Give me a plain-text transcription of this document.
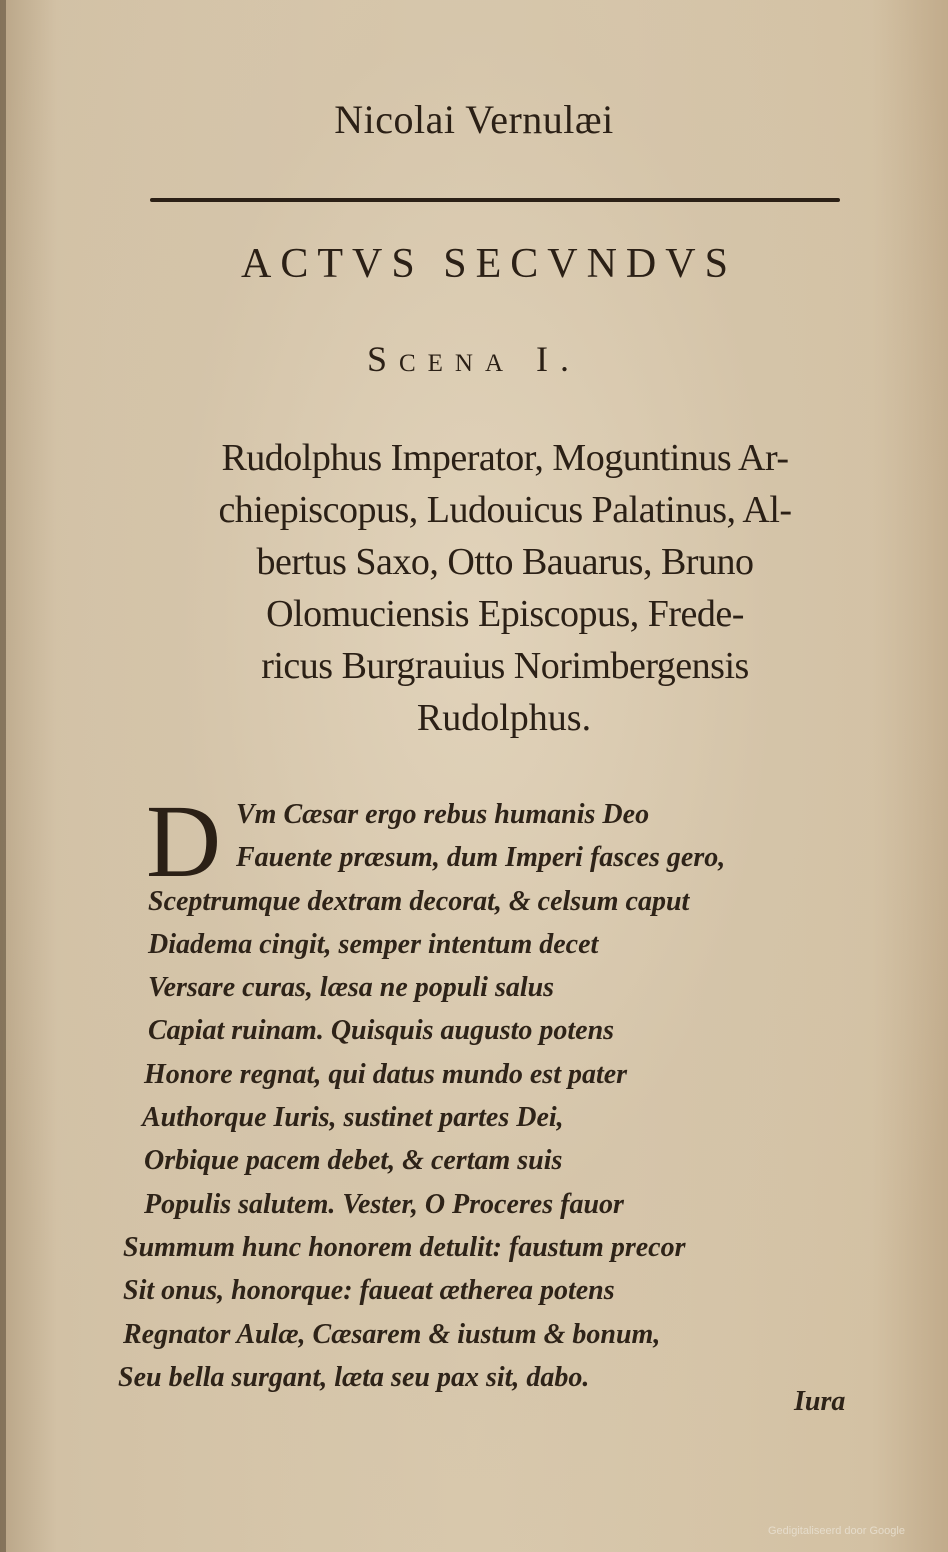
Nicolai Vernulæi
ACTVS SECVNDVS
Scena I.
Rudolphus Imperator, Moguntinus Ar-
chiepiscopus, Ludouicus Palatinus, Al-
bertus Saxo, Otto Bauarus, Bruno
Olomuciensis Episcopus, Frede-
ricus Burgrauius Norimbergensis
Rudolphus.
D Vm Cæsar ergo rebus humanis Deo
Fauente præsum, dum Imperi fasces gero,
Sceptrumque dextram decorat, & celsum caput
Diadema cingit, semper intentum decet
Versare curas, læsa ne populi salus
Capiat ruinam. Quisquis augusto potens
Honore regnat, qui datus mundo est pater
Authorque Iuris, sustinet partes Dei,
Orbique pacem debet, & certam suis
Populis salutem. Vester, O Proceres fauor
Summum hunc honorem detulit: faustum precor
Sit onus, honorque: faueat ætherea potens
Regnator Aulæ, Cæsarem & iustum & bonum,
Seu bella surgant, læta seu pax sit, dabo.
Iura
Gedigitaliseerd door Google
